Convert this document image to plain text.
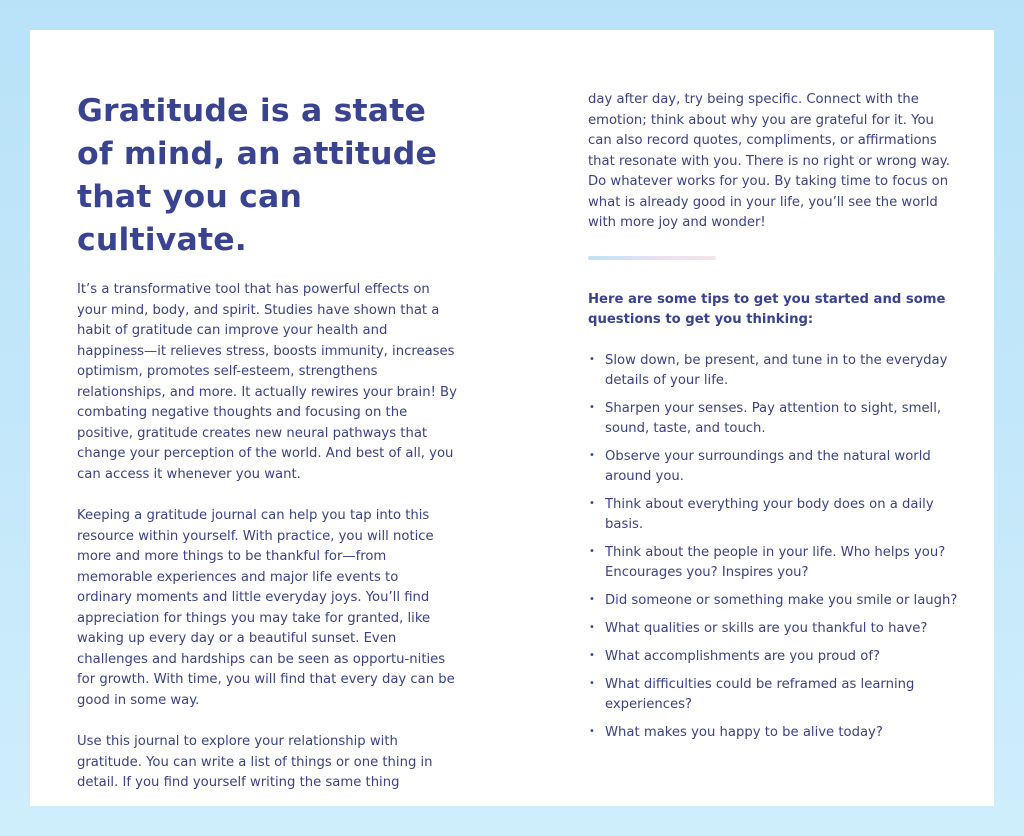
Gratitude is a state of mind, an attitude that you can cultivate.

It’s a transformative tool that has powerful effects on your mind, body, and spirit. Studies have shown that a habit of gratitude can improve your health and happiness—it relieves stress, boosts immunity, increases optimism, promotes self-esteem, strengthens relationships, and more. It actually rewires your brain! By combating negative thoughts and focusing on the positive, gratitude creates new neural pathways that change your perception of the world. And best of all, you can access it whenever you want.

Keeping a gratitude journal can help you tap into this resource within yourself. With practice, you will notice more and more things to be thankful for—from memorable experiences and major life events to ordinary moments and little everyday joys. You’ll find appreciation for things you may take for granted, like waking up every day or a beautiful sunset. Even challenges and hardships can be seen as opportu-nities for growth. With time, you will find that every day can be good in some way.

Use this journal to explore your relationship with gratitude. You can write a list of things or one thing in detail. If you find yourself writing the same thing

day after day, try being specific. Connect with the emotion; think about why you are grateful for it. You can also record quotes, compliments, or affirmations that resonate with you. There is no right or wrong way. Do whatever works for you. By taking time to focus on what is already good in your life, you’ll see the world with more joy and wonder!

Here are some tips to get you started and some questions to get you thinking:

• Slow down, be present, and tune in to the everyday details of your life.
• Sharpen your senses. Pay attention to sight, smell, sound, taste, and touch.
• Observe your surroundings and the natural world around you.
• Think about everything your body does on a daily basis.
• Think about the people in your life. Who helps you? Encourages you? Inspires you?
• Did someone or something make you smile or laugh?
• What qualities or skills are you thankful to have?
• What accomplishments are you proud of?
• What difficulties could be reframed as learning experiences?
• What makes you happy to be alive today?
